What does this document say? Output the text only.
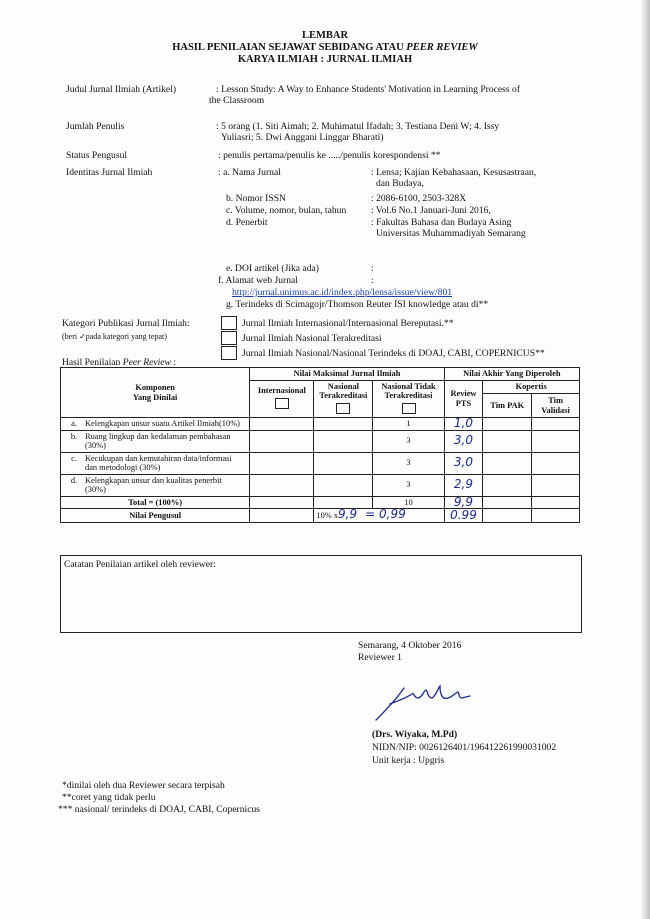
LEMBAR
HASIL PENILAIAN SEJAWAT SEBIDANG ATAU PEER REVIEW
KARYA ILMIAH : JURNAL ILMIAH
Judul Jurnal Ilmiah (Artikel)	: Lesson Study: A Way to Enhance Students' Motivation in Learning Process of
the Classroom
Jumlah Penulis	: 5 orang (1. Siti Aimah; 2. Muhimatul Ifadah; 3. Testiana Deni W; 4. Issy
Yuliasri; 5. Dwi Anggani Linggar Bharati)
Status Pengusul	: penulis pertama/penulis ke ...../penulis korespondensi **
Identitas Jurnal Ilmiah	: a. Nama Jurnal	: Lensa; Kajian Kebahasaan, Kesusastraan,
dan Budaya,
b. Nomor ISSN	: 2086-6100, 2503-328X
c. Volume, nomor, bulan, tahun	: Vol.6 No.1 Januari-Juni 2016,
d. Penerbit	: Fakultas Bahasa dan Budaya Asing
Universitas Muhammadiyah Semarang
e. DOI artikel (Jika ada)	:
f. Alamat web Jurnal	:
http://jurnal.unimus.ac.id/index.php/lensa/issue/view/801
g. Terindeks di Scimagojr/Thomson Reuter ISI knowledge atau di**
Kategori Publikasi Jurnal Ilmiah:
(beri ✓pada kategori yang tepat)
Jurnal Ilmiah Internasional/Internasional Bereputasi.**
Jurnal Ilmiah Nasional Terakreditasi
Jurnal Ilmiah Nasional/Nasional Terindeks di DOAJ, CABI, COPERNICUS**
Hasil Penilaian Peer Review :
Komponen
Yang Dinilai	Nilai Maksimal Jurnal Ilmiah			Nilai Akhir Yang Diperoleh		
	Internasional	Nasional Terakreditasi	Nasional Tidak Terakreditasi	Review PTS	Kopertis	
					Tim PAK	Tim Validasi
a. Kelengkapan unsur suatu Artikel Ilmiah(10%)			1	1,0		
b. Ruang lingkup dan kedalaman pembahasan (30%)			3	3,0		
c. Kecukupan dan kemutahiran data/informasi dan metodologi (30%)			3	3,0		
d. Kelengkapan unsur dan kualitas penerbit (30%)			3	2,9		
Total = (100%)			10	9,9		
Nilai Pengusul		10% x9,9 = 0,99		0.99		
Catatan Penilaian artikel oleh reviewer:
Semarang, 4 Oktober 2016
Reviewer 1
(Drs. Wiyaka, M.Pd)
NIDN/NIP: 0026126401/196412261990031002
Unit kerja : Upgris
*dinilai oleh dua Reviewer secara terpisah
**coret yang tidak perlu
*** nasional/ terindeks di DOAJ, CABI, Copernicus
